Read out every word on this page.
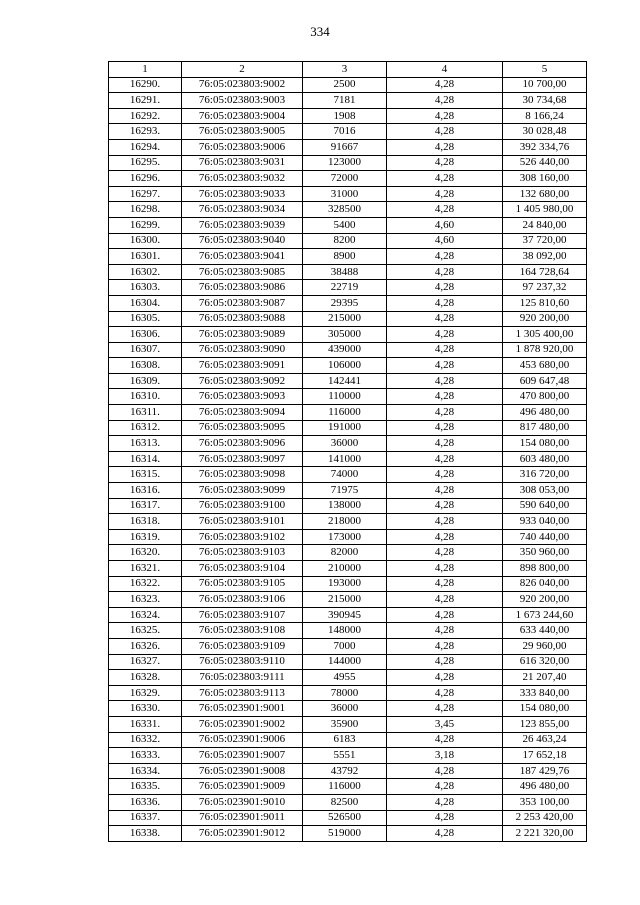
334
1	2	3	4	5
16290.	76:05:023803:9002	2500	4,28	10 700,00
16291.	76:05:023803:9003	7181	4,28	30 734,68
16292.	76:05:023803:9004	1908	4,28	8 166,24
16293.	76:05:023803:9005	7016	4,28	30 028,48
16294.	76:05:023803:9006	91667	4,28	392 334,76
16295.	76:05:023803:9031	123000	4,28	526 440,00
16296.	76:05:023803:9032	72000	4,28	308 160,00
16297.	76:05:023803:9033	31000	4,28	132 680,00
16298.	76:05:023803:9034	328500	4,28	1 405 980,00
16299.	76:05:023803:9039	5400	4,60	24 840,00
16300.	76:05:023803:9040	8200	4,60	37 720,00
16301.	76:05:023803:9041	8900	4,28	38 092,00
16302.	76:05:023803:9085	38488	4,28	164 728,64
16303.	76:05:023803:9086	22719	4,28	97 237,32
16304.	76:05:023803:9087	29395	4,28	125 810,60
16305.	76:05:023803:9088	215000	4,28	920 200,00
16306.	76:05:023803:9089	305000	4,28	1 305 400,00
16307.	76:05:023803:9090	439000	4,28	1 878 920,00
16308.	76:05:023803:9091	106000	4,28	453 680,00
16309.	76:05:023803:9092	142441	4,28	609 647,48
16310.	76:05:023803:9093	110000	4,28	470 800,00
16311.	76:05:023803:9094	116000	4,28	496 480,00
16312.	76:05:023803:9095	191000	4,28	817 480,00
16313.	76:05:023803:9096	36000	4,28	154 080,00
16314.	76:05:023803:9097	141000	4,28	603 480,00
16315.	76:05:023803:9098	74000	4,28	316 720,00
16316.	76:05:023803:9099	71975	4,28	308 053,00
16317.	76:05:023803:9100	138000	4,28	590 640,00
16318.	76:05:023803:9101	218000	4,28	933 040,00
16319.	76:05:023803:9102	173000	4,28	740 440,00
16320.	76:05:023803:9103	82000	4,28	350 960,00
16321.	76:05:023803:9104	210000	4,28	898 800,00
16322.	76:05:023803:9105	193000	4,28	826 040,00
16323.	76:05:023803:9106	215000	4,28	920 200,00
16324.	76:05:023803:9107	390945	4,28	1 673 244,60
16325.	76:05:023803:9108	148000	4,28	633 440,00
16326.	76:05:023803:9109	7000	4,28	29 960,00
16327.	76:05:023803:9110	144000	4,28	616 320,00
16328.	76:05:023803:9111	4955	4,28	21 207,40
16329.	76:05:023803:9113	78000	4,28	333 840,00
16330.	76:05:023901:9001	36000	4,28	154 080,00
16331.	76:05:023901:9002	35900	3,45	123 855,00
16332.	76:05:023901:9006	6183	4,28	26 463,24
16333.	76:05:023901:9007	5551	3,18	17 652,18
16334.	76:05:023901:9008	43792	4,28	187 429,76
16335.	76:05:023901:9009	116000	4,28	496 480,00
16336.	76:05:023901:9010	82500	4,28	353 100,00
16337.	76:05:023901:9011	526500	4,28	2 253 420,00
16338.	76:05:023901:9012	519000	4,28	2 221 320,00
